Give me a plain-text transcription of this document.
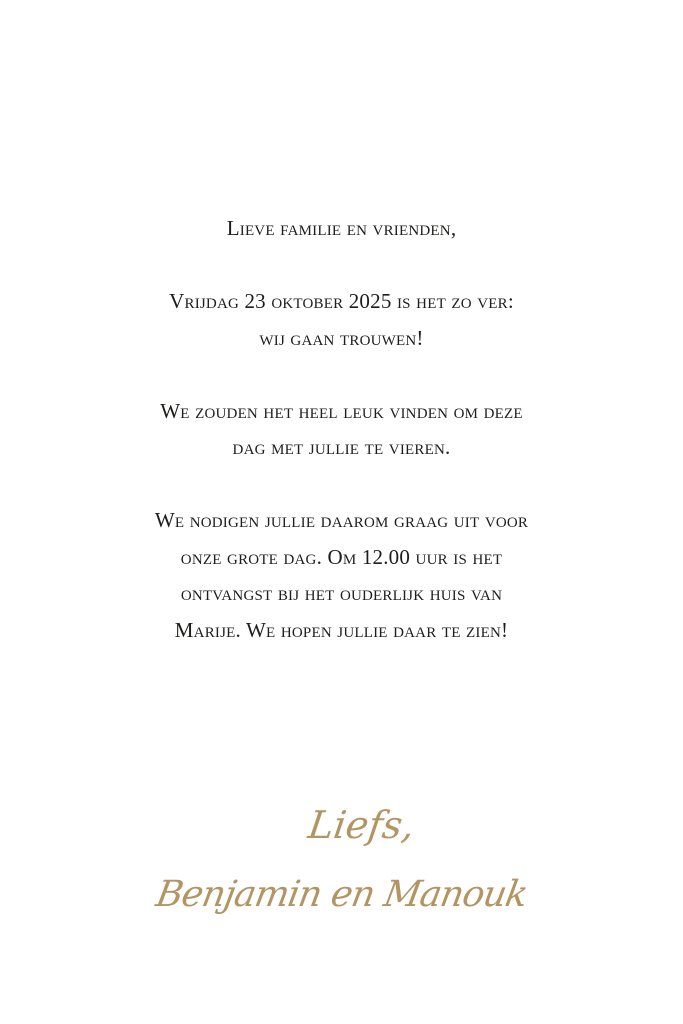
Lieve familie en vrienden,
Vrijdag 23 oktober 2025 is het zo ver:
wij gaan trouwen!
We zouden het heel leuk vinden om deze
dag met jullie te vieren.
We nodigen jullie daarom graag uit voor
onze grote dag. Om 12.00 uur is het
ontvangst bij het ouderlijk huis van
Marije. We hopen jullie daar te zien!
Liefs,
Benjamin en Manouk
